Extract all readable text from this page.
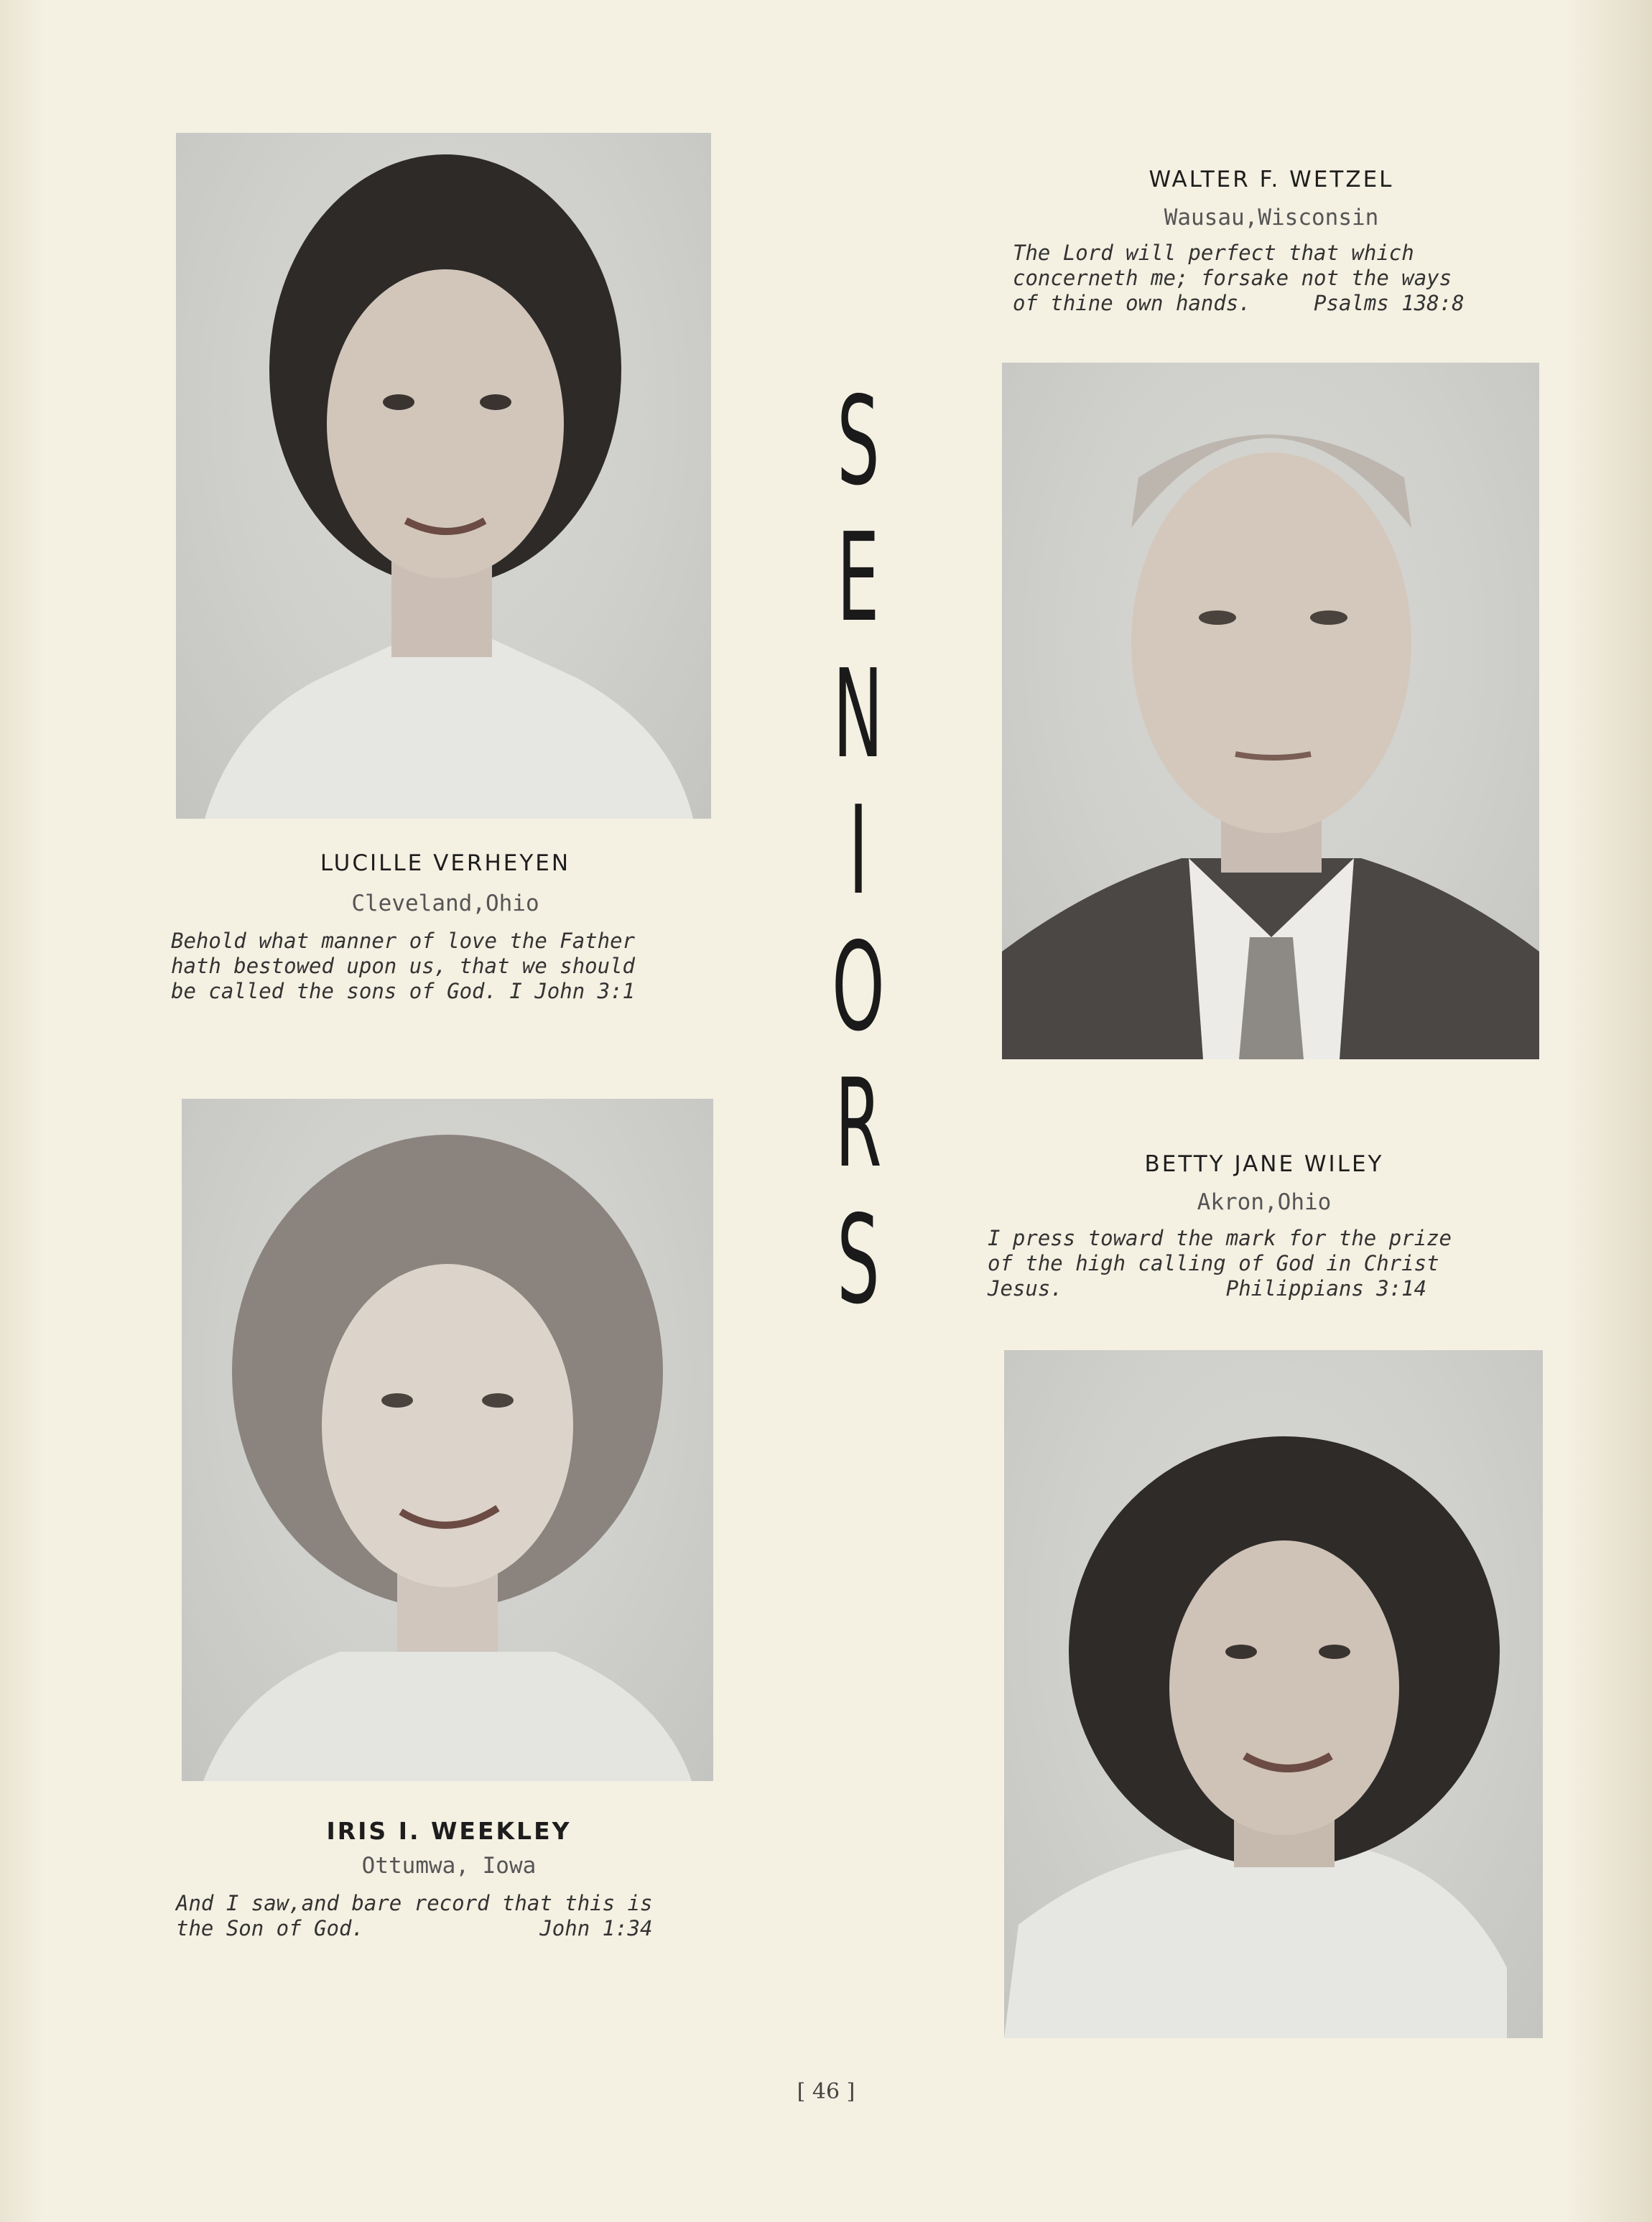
LUCILLE VERHEYEN
Cleveland,Ohio
Behold what manner of love the Father
hath bestowed upon us, that we should
be called the sons of God. I John 3:1
WALTER F. WETZEL
Wausau,Wisconsin
The Lord will perfect that which
concerneth me; forsake not the ways
of thine own hands.     Psalms 138:8
BETTY JANE WILEY
Akron,Ohio
I press toward the mark for the prize
of the high calling of God in Christ
Jesus.             Philippians 3:14
IRIS I. WEEKLEY
Ottumwa, Iowa
And I saw,and bare record that this is
the Son of God.              John 1:34
S
E
N
I
O
R
S
[ 46 ]
